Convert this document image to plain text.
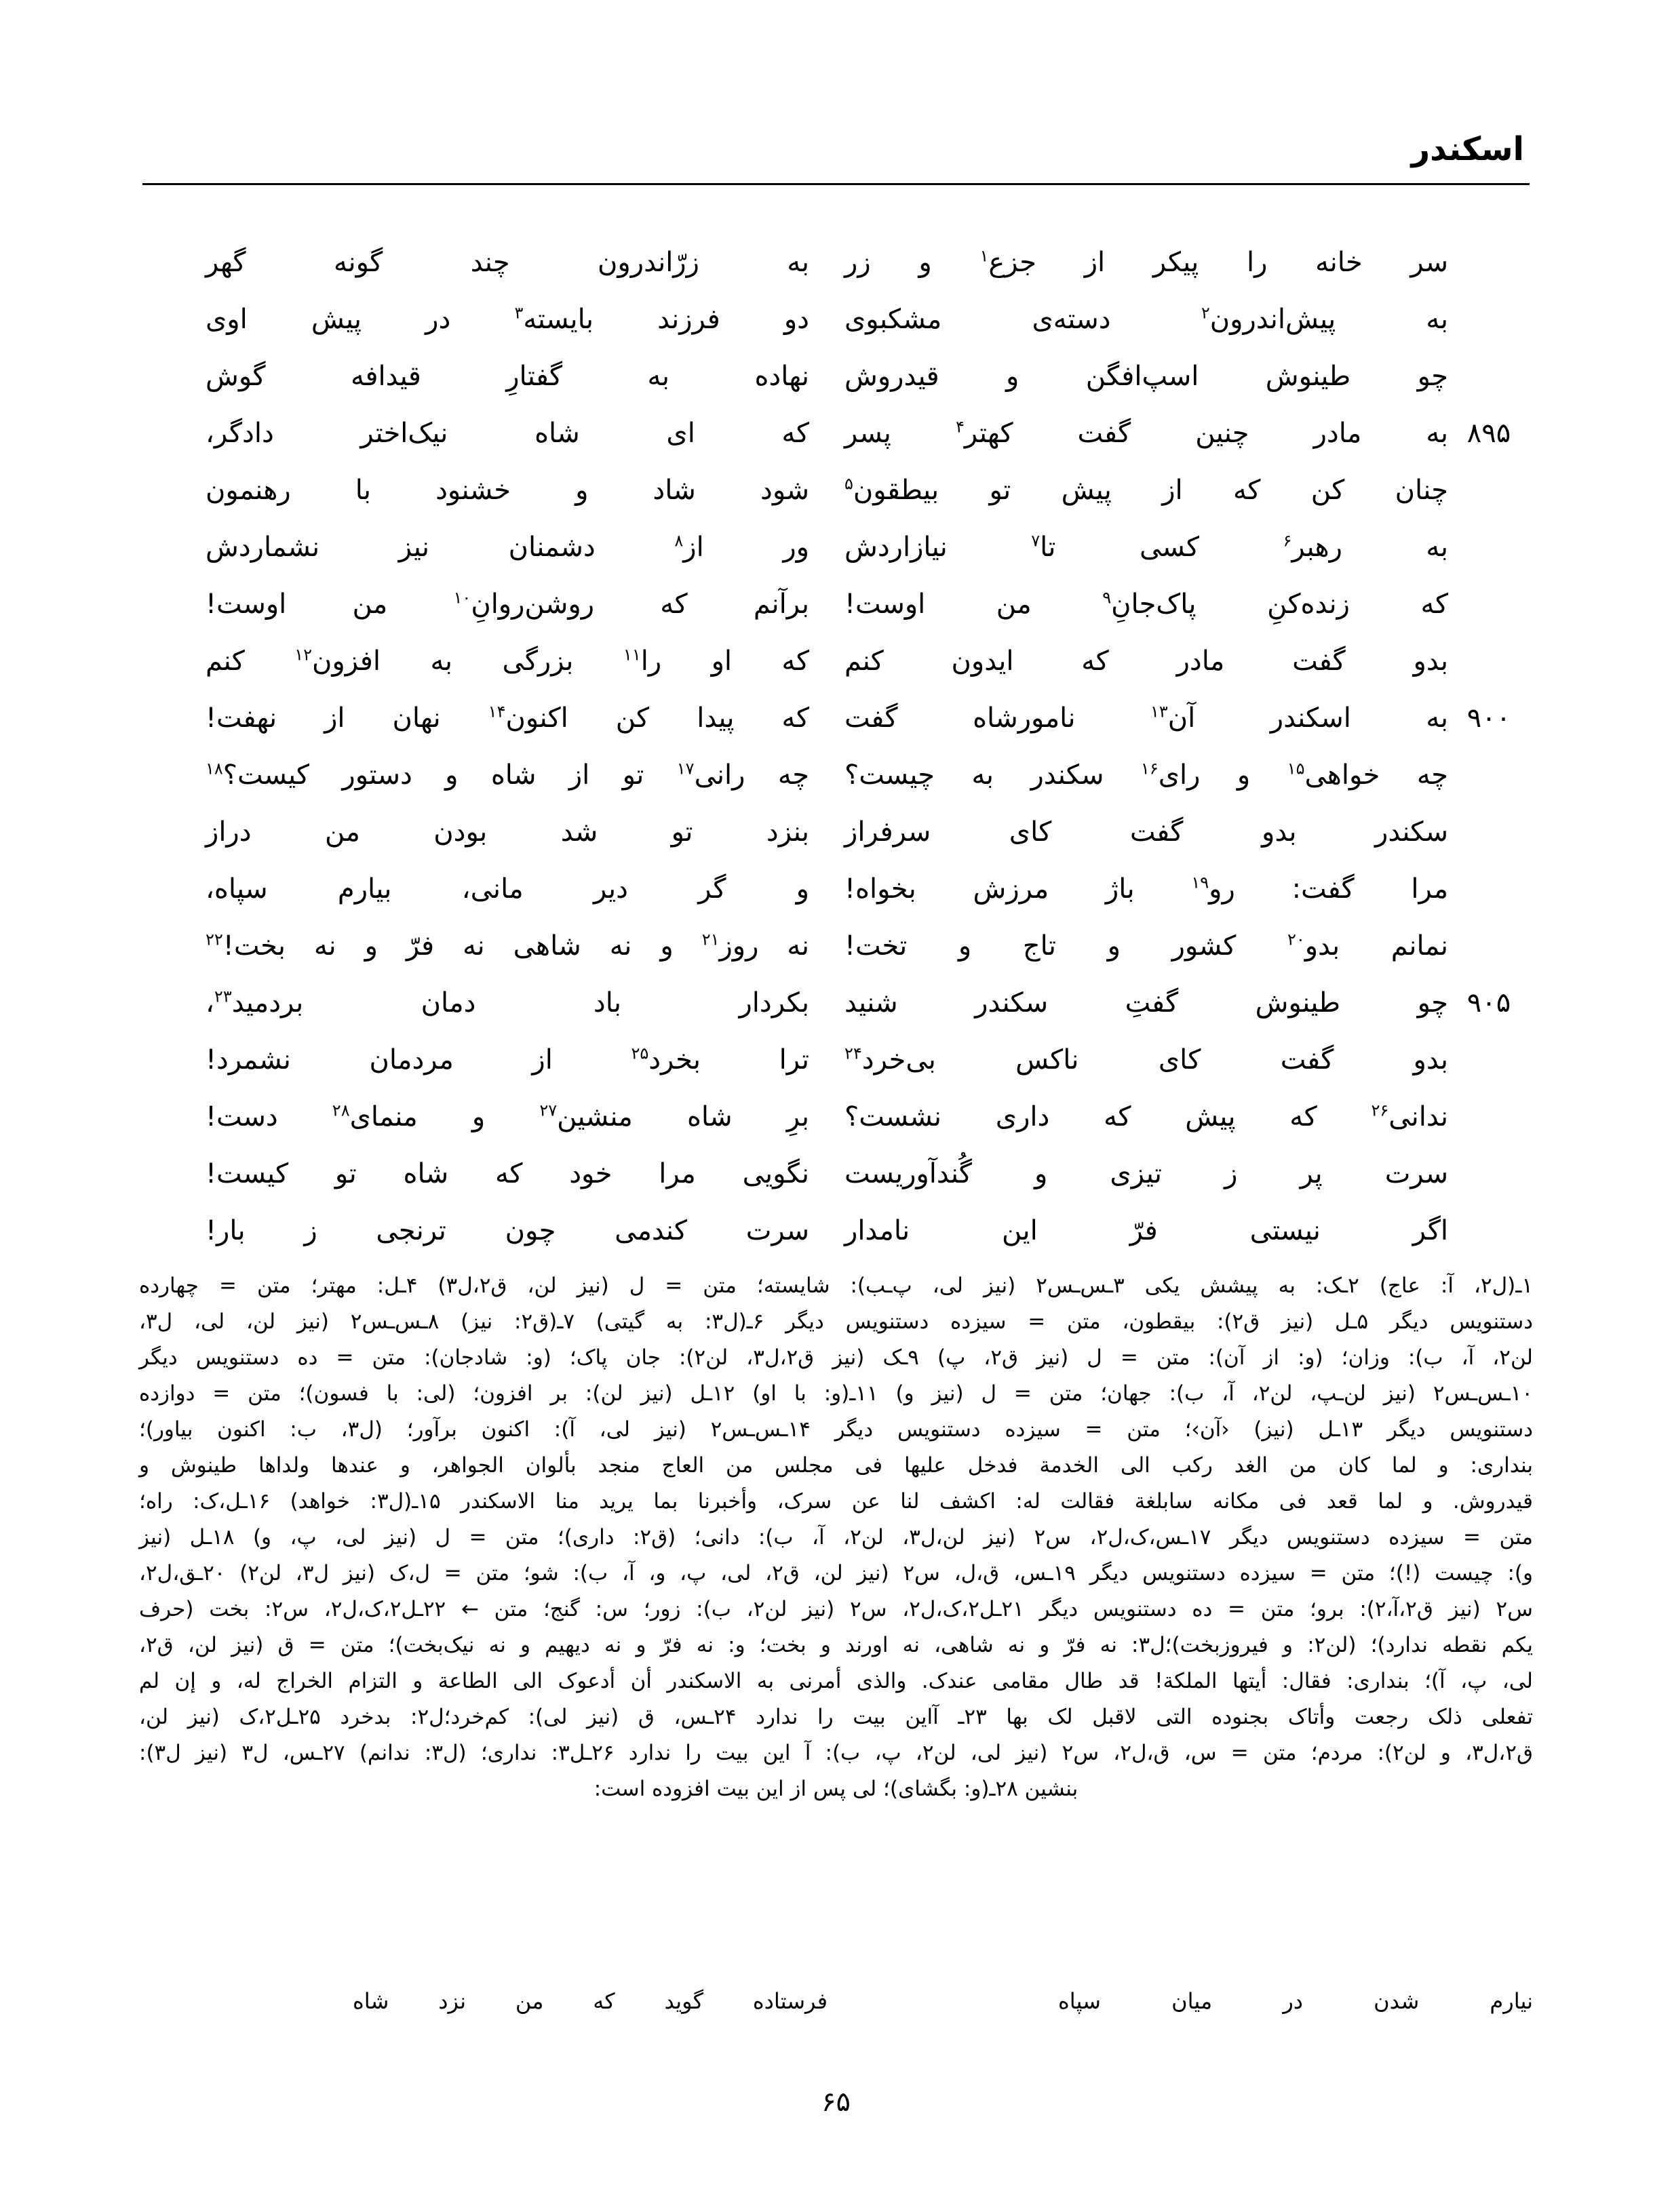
اسکندر
سر خانه را پیکر از جزع$^۱$ و زر
به زرّاندرون چند گونه گهر
به پیش‌اندرون$^۲$ دسته‌ی مشکبوی
دو فرزند بایسته$^۳$ در پیش اوی
چو طینوش اسپ‌افگن و قیدروش
نهاده به گفتارِ قیدافه گوش
۸۹۵
به مادر چنین گفت کهتر$^۴$ پسر
که ای شاه نیک‌اختر دادگر،
چنان کن که از پیش تو بیطقون$^۵$
شود شاد و خشنود با رهنمون
به رهبر$^۶$ کسی تا$^۷$ نیازاردش
ور از$^۸$ دشمنان نیز نشماردش
که زنده‌کنِ پاک‌جانِ$^۹$ من اوست!
برآنم که روشن‌روانِ$^{۱۰}$ من اوست!
بدو گفت مادر که ایدون کنم
که او را$^{۱۱}$ بزرگی به افزون$^{۱۲}$ کنم
۹۰۰
به اسکندر آن$^{۱۳}$ نامورشاه گفت
که پیدا کن اکنون$^{۱۴}$ نهان از نهفت!
چه خواهی$^{۱۵}$ و رای$^{۱۶}$ سکندر به چیست؟
چه رانی$^{۱۷}$ تو از شاه و دستور کیست؟$^{۱۸}$
سکندر بدو گفت کای سرفراز
بنزد تو شد بودن من دراز
مرا گفت: رو$^{۱۹}$ باژ مرزش بخواه!
و گر دیر مانی، بیارم سپاه،
نمانم بدو$^{۲۰}$ کشور و تاج و تخت!
نه روز$^{۲۱}$ و نه شاهی نه فرّ و نه بخت!$^{۲۲}$
۹۰۵
چو طینوش گفتِ سکندر شنید
بکردار باد دمان بردمید$^{۲۳}$،
بدو گفت کای ناکس بی‌خرد$^{۲۴}$
ترا بخرد$^{۲۵}$ از مردمان نشمرد!
ندانی$^{۲۶}$ که پیش که داری نشست؟
برِ شاه منشین$^{۲۷}$ و منمای$^{۲۸}$ دست!
سرت پر ز تیزی و گُندآوریست
نگویی مرا خود که شاه تو کیست!
اگر نیستی فرّ این نامدار
سرت کندمی چون ترنجی ز بار!

۱ـ(ل۲، آ: عاج) ۲ـک: به پیشش یکی ۳ـس‌ـس۲ (نیز لی، پ‌ـب): شایسته؛ متن = ل (نیز لن، ق۲،ل۳) ۴ـل: مهتر؛ متن = چهارده

دستنویس دیگر ۵ـل (نیز ق۲): بیقطون، متن = سیزده دستنویس دیگر ۶ـ(ل۳: به گیتی) ۷ـ(ق۲: نیز) ۸ـس‌ـس۲ (نیز لن، لی، ل۳،

لن۲، آ، ب): وزان؛ (و: از آن): متن = ل (نیز ق۲، پ) ۹ـک (نیز ق۲،ل۳، لن۲): جان پاک؛ (و: شادجان): متن = ده دستنویس دیگر

۱۰ـس‌ـس۲ (نیز لن‌ـپ، لن۲، آ، ب): جهان؛ متن = ل (نیز و) ۱۱ـ(و: با او) ۱۲ـل (نیز لن): بر افزون؛ (لی: با فسون)؛ متن = دوازده

دستنویس دیگر ۱۳ـل (نیز) ‹آن›؛ متن = سیزده دستنویس دیگر ۱۴ـس‌ـس۲ (نیز لی، آ): اکنون برآور؛ (ل۳، ب: اکنون بیاور)؛

بنداری: و لما کان من الغد رکب الی الخدمة فدخل علیها فی مجلس من العاج منجد بألوان الجواهر، و عندها ولداها طینوش و

قیدروش. و لما قعد فی مکانه سابلغة فقالت له: اکشف لنا عن سرک، وأخبرنا بما یرید منا الاسکندر ۱۵ـ(ل۳: خواهد) ۱۶ـل،ک: راه؛

متن = سیزده دستنویس دیگر ۱۷ـس،ک،ل۲، س۲ (نیز لن،ل۳، لن۲، آ، ب): دانی؛ (ق۲: داری)؛ متن = ل (نیز لی، پ، و) ۱۸ـل (نیز

و): چیست (!)؛ متن = سیزده دستنویس دیگر ۱۹ـس، ق،ل، س۲ (نیز لن، ق۲، لی، پ، و، آ، ب): شو؛ متن = ل،ک (نیز ل۳، لن۲) ۲۰ـق،ل۲،

س۲ (نیز ق۲،آ،۲): برو؛ متن = ده دستنویس دیگر ۲۱ـل۲،ک،ل۲، س۲ (نیز لن۲، ب): زور؛ س: گنج؛ متن ← ۲۲ـل۲،ک،ل۲، س۲: بخت (حرف

یکم نقطه ندارد)؛ (لن۲: و فیروزبخت)؛ل۳: نه فرّ و نه شاهی، نه اورند و بخت؛ و: نه فرّ و نه دیهیم و نه نیک‌بخت)؛ متن = ق (نیز لن، ق۲،

لی، پ، آ)؛ بنداری: فقال: أیتها الملکة! قد طال مقامی عندک. والذی أمرنی به الاسکندر أن أدعوک الی الطاعة و التزام الخراج له، و إن لم

تفعلی ذلک رجعت وأتاک بجنوده التی لاقبل لک بها ۲۳ـ آاین بیت را ندارد ۲۴ـس، ق (نیز لی): کم‌خرد؛ل۲: بدخرد ۲۵ـل۲،ک (نیز لن،

ق۲،ل۳، و لن۲): مردم؛ متن = س، ق،ل۲، س۲ (نیز لی، لن۲، پ، ب): آ این بیت را ندارد ۲۶ـل۳: نداری؛ (ل۳: ندانم) ۲۷ـس، ل۳ (نیز ل۳):

بنشین ۲۸ـ(و: بگشای)؛ لی پس از این بیت افزوده است:

نیارم شدن در میان سپاه
فرستاده گوید که من نزد شاه
۶۵
